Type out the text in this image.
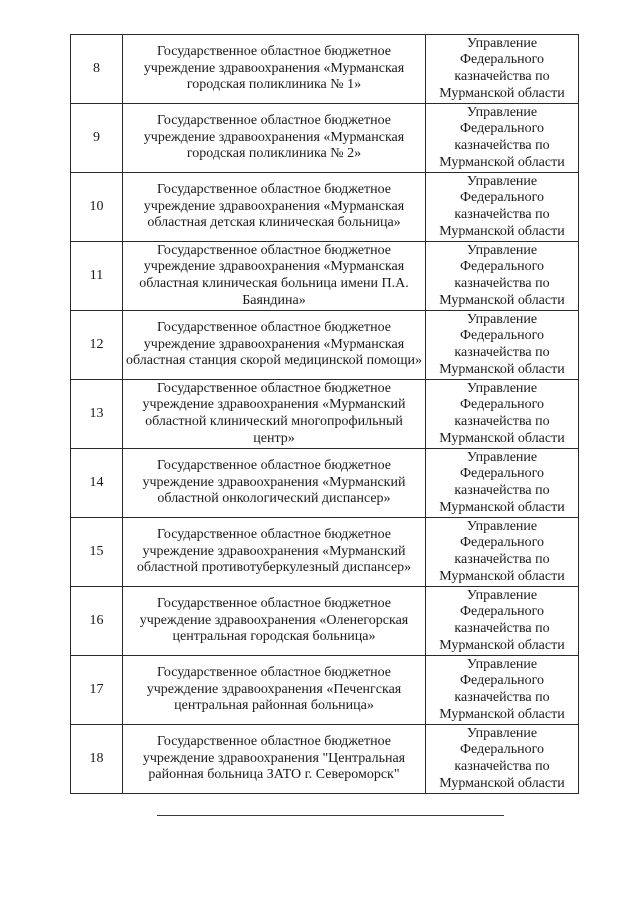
8	Государственное областное бюджетное учреждение здравоохранения «Мурманская городская поликлиника № 1»	Управление Федерального казначейства по Мурманской области
9	Государственное областное бюджетное учреждение здравоохранения «Мурманская городская поликлиника № 2»	Управление Федерального казначейства по Мурманской области
10	Государственное областное бюджетное учреждение здравоохранения «Мурманская областная детская клиническая больница»	Управление Федерального казначейства по Мурманской области
11	Государственное областное бюджетное учреждение здравоохранения «Мурманская областная клиническая больница имени П.А. Баяндина»	Управление Федерального казначейства по Мурманской области
12	Государственное областное бюджетное учреждение здравоохранения «Мурманская областная станция скорой медицинской помощи»	Управление Федерального казначейства по Мурманской области
13	Государственное областное бюджетное учреждение здравоохранения «Мурманский областной клинический многопрофильный центр»	Управление Федерального казначейства по Мурманской области
14	Государственное областное бюджетное учреждение здравоохранения «Мурманский областной онкологический диспансер»	Управление Федерального казначейства по Мурманской области
15	Государственное областное бюджетное учреждение здравоохранения «Мурманский областной противотуберкулезный диспансер»	Управление Федерального казначейства по Мурманской области
16	Государственное областное бюджетное учреждение здравоохранения «Оленегорская центральная городская больница»	Управление Федерального казначейства по Мурманской области
17	Государственное областное бюджетное учреждение здравоохранения «Печенгская центральная районная больница»	Управление Федерального казначейства по Мурманской области
18	Государственное областное бюджетное учреждение здравоохранения "Центральная районная больница ЗАТО г. Североморск"	Управление Федерального казначейства по Мурманской области
